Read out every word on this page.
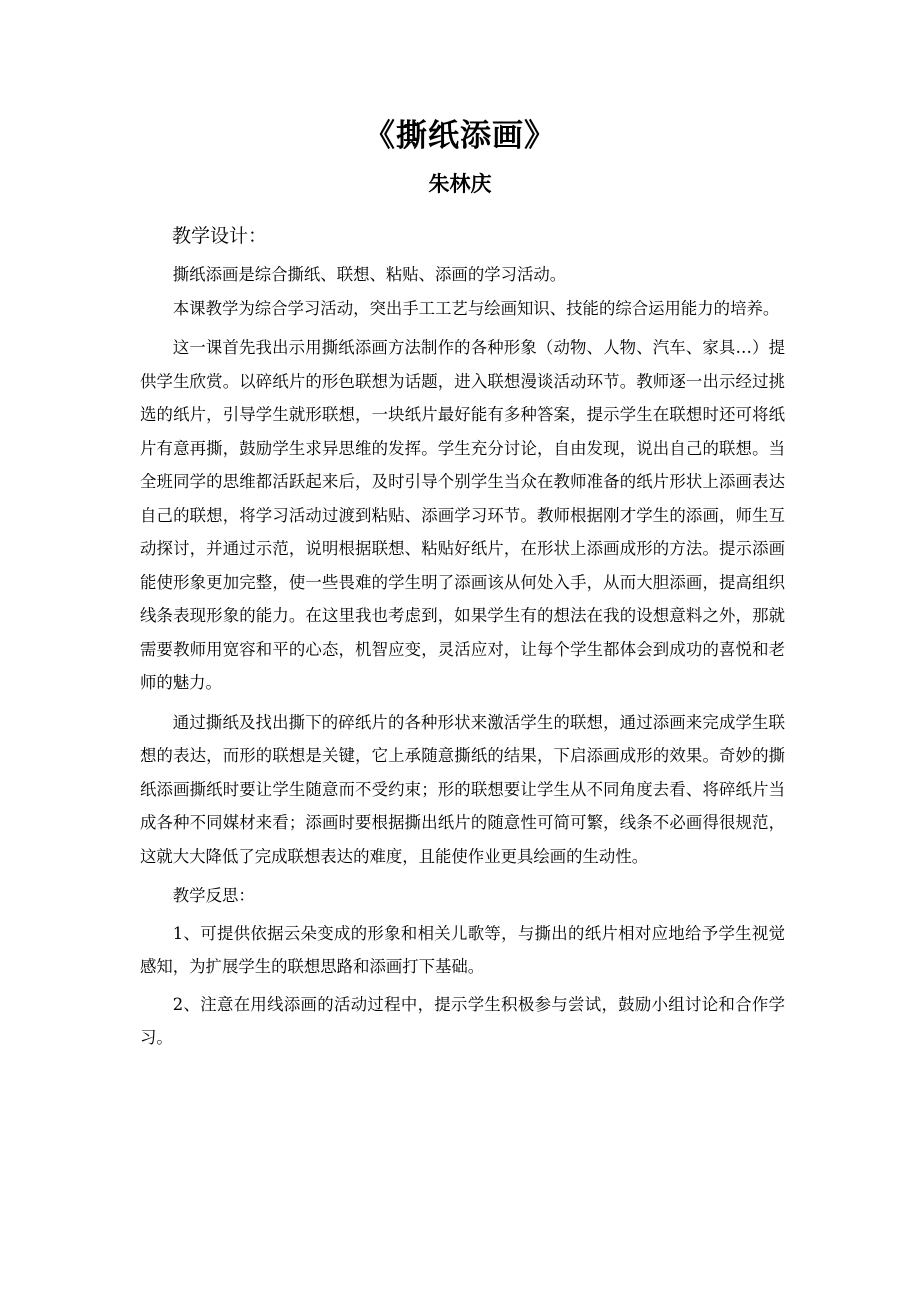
《撕纸添画》
朱林庆
教学设计：

撕纸添画是综合撕纸、联想、粘贴、添画的学习活动。

本课教学为综合学习活动，突出手工工艺与绘画知识、技能的综合运用能力的培养。

这一课首先我出示用撕纸添画方法制作的各种形象（动物、人物、汽车、家具…）提供学生欣赏。以碎纸片的形色联想为话题，进入联想漫谈活动环节。教师逐一出示经过挑选的纸片，引导学生就形联想，一块纸片最好能有多种答案，提示学生在联想时还可将纸片有意再撕，鼓励学生求异思维的发挥。学生充分讨论，自由发现，说出自己的联想。当全班同学的思维都活跃起来后，及时引导个别学生当众在教师准备的纸片形状上添画表达自己的联想，将学习活动过渡到粘贴、添画学习环节。教师根据刚才学生的添画，师生互动探讨，并通过示范，说明根据联想、粘贴好纸片，在形状上添画成形的方法。提示添画能使形象更加完整，使一些畏难的学生明了添画该从何处入手，从而大胆添画，提高组织线条表现形象的能力。在这里我也考虑到，如果学生有的想法在我的设想意料之外，那就需要教师用宽容和平的心态，机智应变，灵活应对，让每个学生都体会到成功的喜悦和老师的魅力。

通过撕纸及找出撕下的碎纸片的各种形状来激活学生的联想，通过添画来完成学生联想的表达，而形的联想是关键，它上承随意撕纸的结果，下启添画成形的效果。奇妙的撕纸添画撕纸时要让学生随意而不受约束；形的联想要让学生从不同角度去看、将碎纸片当成各种不同媒材来看；添画时要根据撕出纸片的随意性可简可繁，线条不必画得很规范，这就大大降低了完成联想表达的难度，且能使作业更具绘画的生动性。

教学反思：

1、可提供依据云朵变成的形象和相关儿歌等，与撕出的纸片相对应地给予学生视觉感知，为扩展学生的联想思路和添画打下基础。

2、注意在用线添画的活动过程中，提示学生积极参与尝试，鼓励小组讨论和合作学习。
